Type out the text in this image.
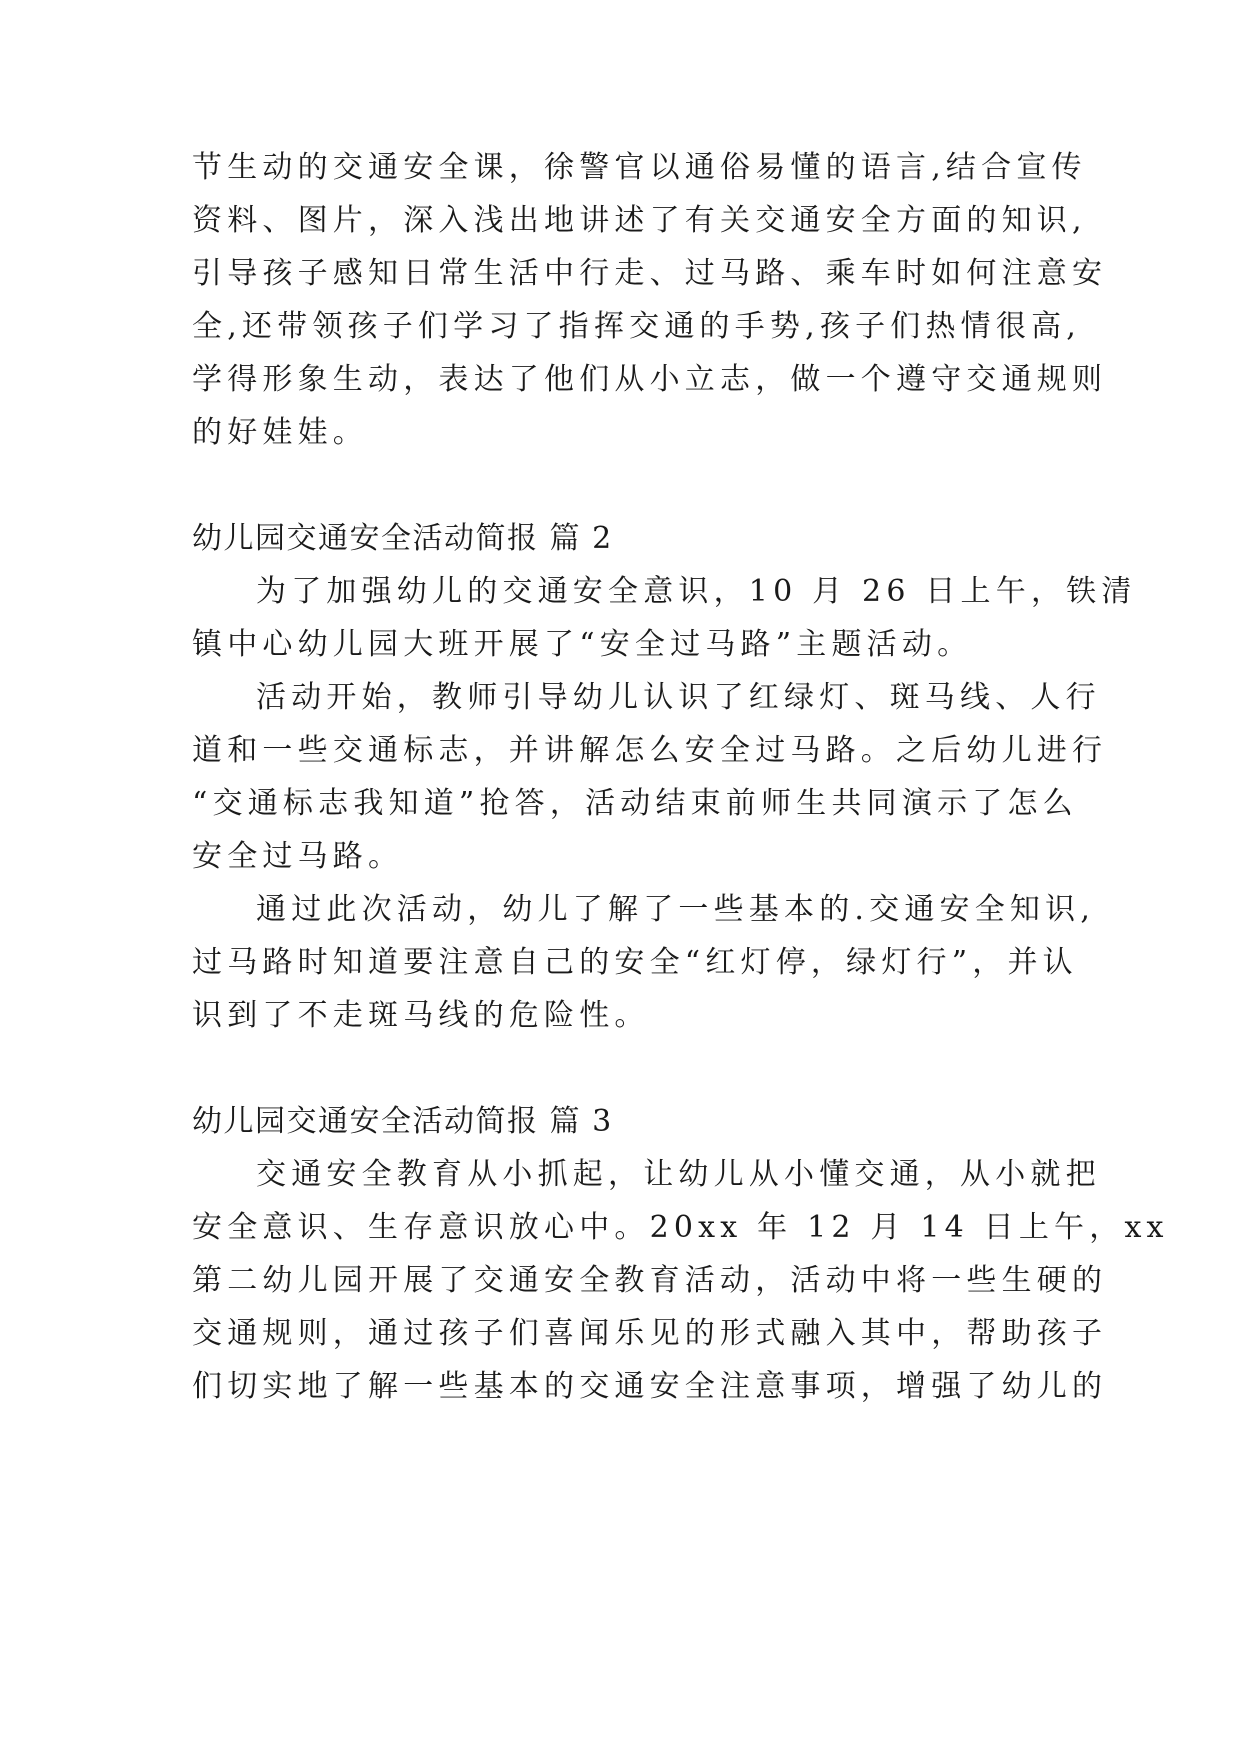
节生动的交通安全课，徐警官以通俗易懂的语言,结合宣传
资料、图片，深入浅出地讲述了有关交通安全方面的知识,
引导孩子感知日常生活中行走、过马路、乘车时如何注意安
全,还带领孩子们学习了指挥交通的手势,孩子们热情很高,
学得形象生动，表达了他们从小立志，做一个遵守交通规则
的好娃娃。
幼儿园交通安全活动简报 篇 2
为了加强幼儿的交通安全意识，10 月 26 日上午，铁清
镇中心幼儿园大班开展了“安全过马路”主题活动。
活动开始，教师引导幼儿认识了红绿灯、斑马线、人行
道和一些交通标志，并讲解怎么安全过马路。之后幼儿进行
“交通标志我知道”抢答，活动结束前师生共同演示了怎么
安全过马路。
通过此次活动，幼儿了解了一些基本的.交通安全知识,
过马路时知道要注意自己的安全“红灯停，绿灯行”，并认
识到了不走斑马线的危险性。
幼儿园交通安全活动简报 篇 3
交通安全教育从小抓起，让幼儿从小懂交通，从小就把
安全意识、生存意识放心中。20xx 年 12 月 14 日上午，xx
第二幼儿园开展了交通安全教育活动，活动中将一些生硬的
交通规则，通过孩子们喜闻乐见的形式融入其中，帮助孩子
们切实地了解一些基本的交通安全注意事项，增强了幼儿的
